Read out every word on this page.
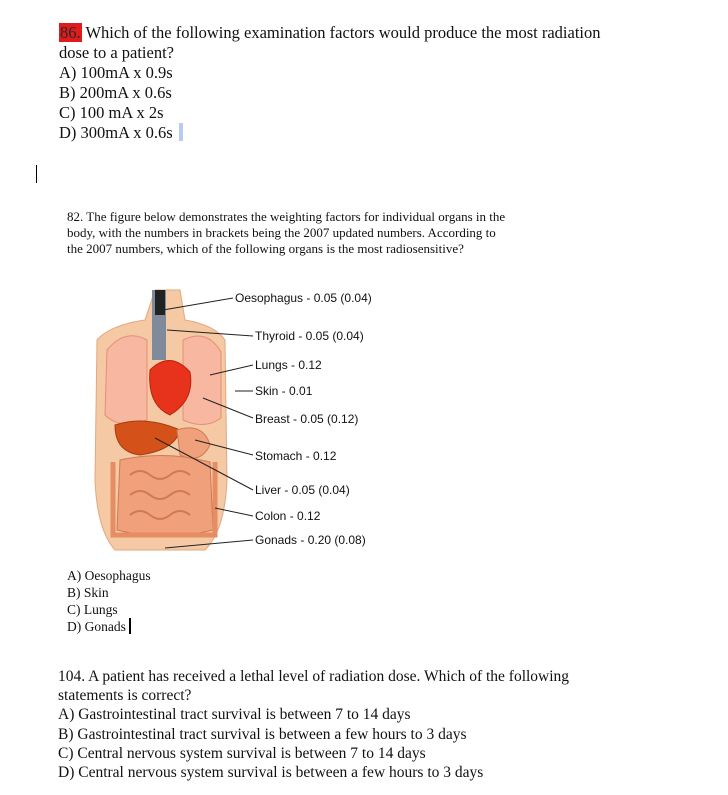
86. Which of the following examination factors would produce the most radiation
dose to a patient?
A) 100mA x 0.9s
B) 200mA x 0.6s
C) 100 mA x 2s
D) 300mA x 0.6s
82. The figure below demonstrates the weighting factors for individual organs in the
body, with the numbers in brackets being the 2007 updated numbers. According to
the 2007 numbers, which of the following organs is the most radiosensitive?
Oesophagus - 0.05 (0.04)
Thyroid - 0.05 (0.04)
Lungs - 0.12
Skin - 0.01
Breast - 0.05 (0.12)
Stomach - 0.12
Liver - 0.05 (0.04)
Colon - 0.12
Gonads - 0.20 (0.08)
A) Oesophagus
B) Skin
C) Lungs
D) Gonads
104. A patient has received a lethal level of radiation dose. Which of the following
statements is correct?
A) Gastrointestinal tract survival is between 7 to 14 days
B) Gastrointestinal tract survival is between a few hours to 3 days
C) Central nervous system survival is between 7 to 14 days
D) Central nervous system survival is between a few hours to 3 days
